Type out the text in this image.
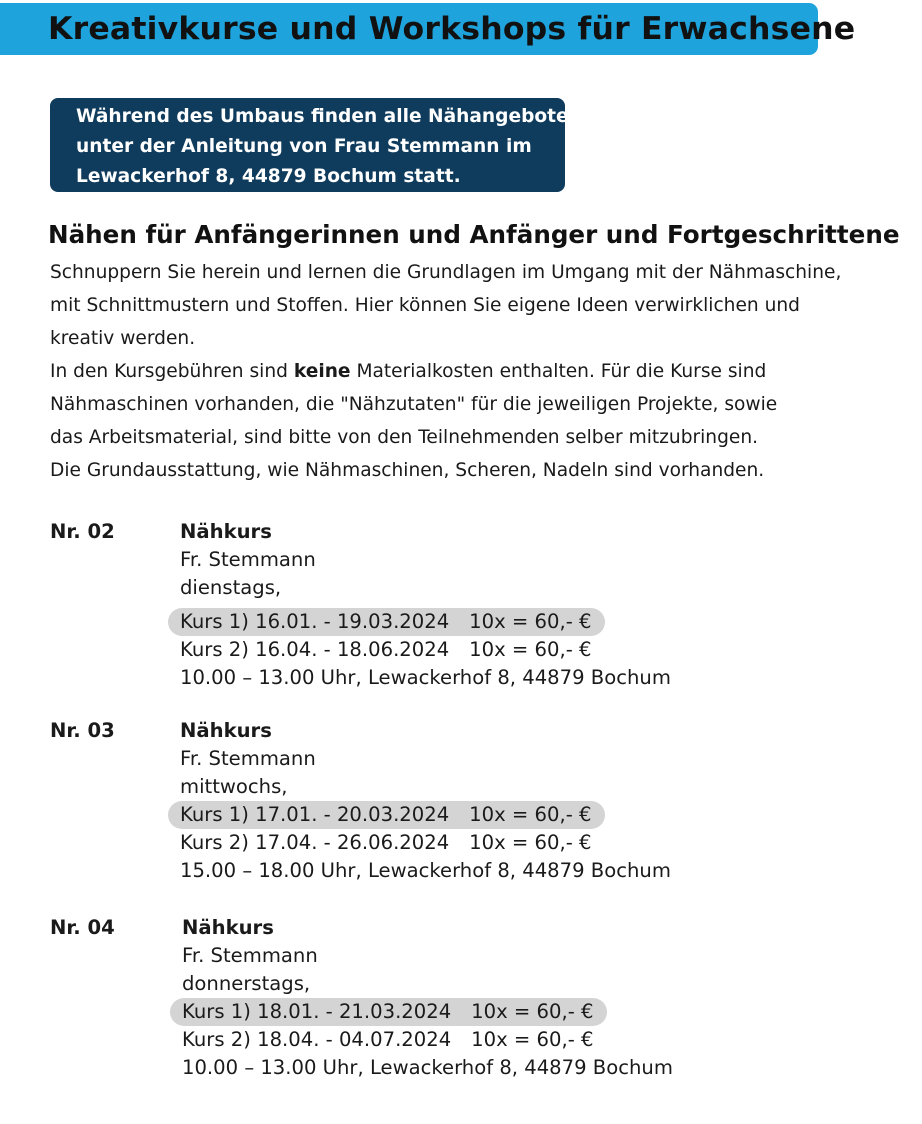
Kreativkurse und Workshops für Erwachsene
Während des Umbaus finden alle Nähangebote
unter der Anleitung von Frau Stemmann im
Lewackerhof 8, 44879 Bochum statt.
Nähen für Anfängerinnen und Anfänger und Fortgeschrittene
Schnuppern Sie herein und lernen die Grundlagen im Umgang mit der Nähmaschine,
mit Schnittmustern und Stoffen. Hier können Sie eigene Ideen verwirklichen und
kreativ werden.
In den Kursgebühren sind keine Materialkosten enthalten. Für die Kurse sind
Nähmaschinen vorhanden, die "Nähzutaten" für die jeweiligen Projekte, sowie
das Arbeitsmaterial, sind bitte von den Teilnehmenden selber mitzubringen.
Die Grundausstattung, wie Nähmaschinen, Scheren, Nadeln sind vorhanden.
Nr. 02	Nähkurs
Fr. Stemmann
dienstags,
Kurs 1) 16.01. - 19.03.2024 10x = 60,- €
Kurs 2) 16.04. - 18.06.2024 10x = 60,- €
10.00 – 13.00 Uhr, Lewackerhof 8, 44879 Bochum
Nr. 03	Nähkurs
Fr. Stemmann
mittwochs,
Kurs 1) 17.01. - 20.03.2024 10x = 60,- €
Kurs 2) 17.04. - 26.06.2024 10x = 60,- €
15.00 – 18.00 Uhr, Lewackerhof 8, 44879 Bochum
Nr. 04	Nähkurs
Fr. Stemmann
donnerstags,
Kurs 1) 18.01. - 21.03.2024 10x = 60,- €
Kurs 2) 18.04. - 04.07.2024 10x = 60,- €
10.00 – 13.00 Uhr, Lewackerhof 8, 44879 Bochum
